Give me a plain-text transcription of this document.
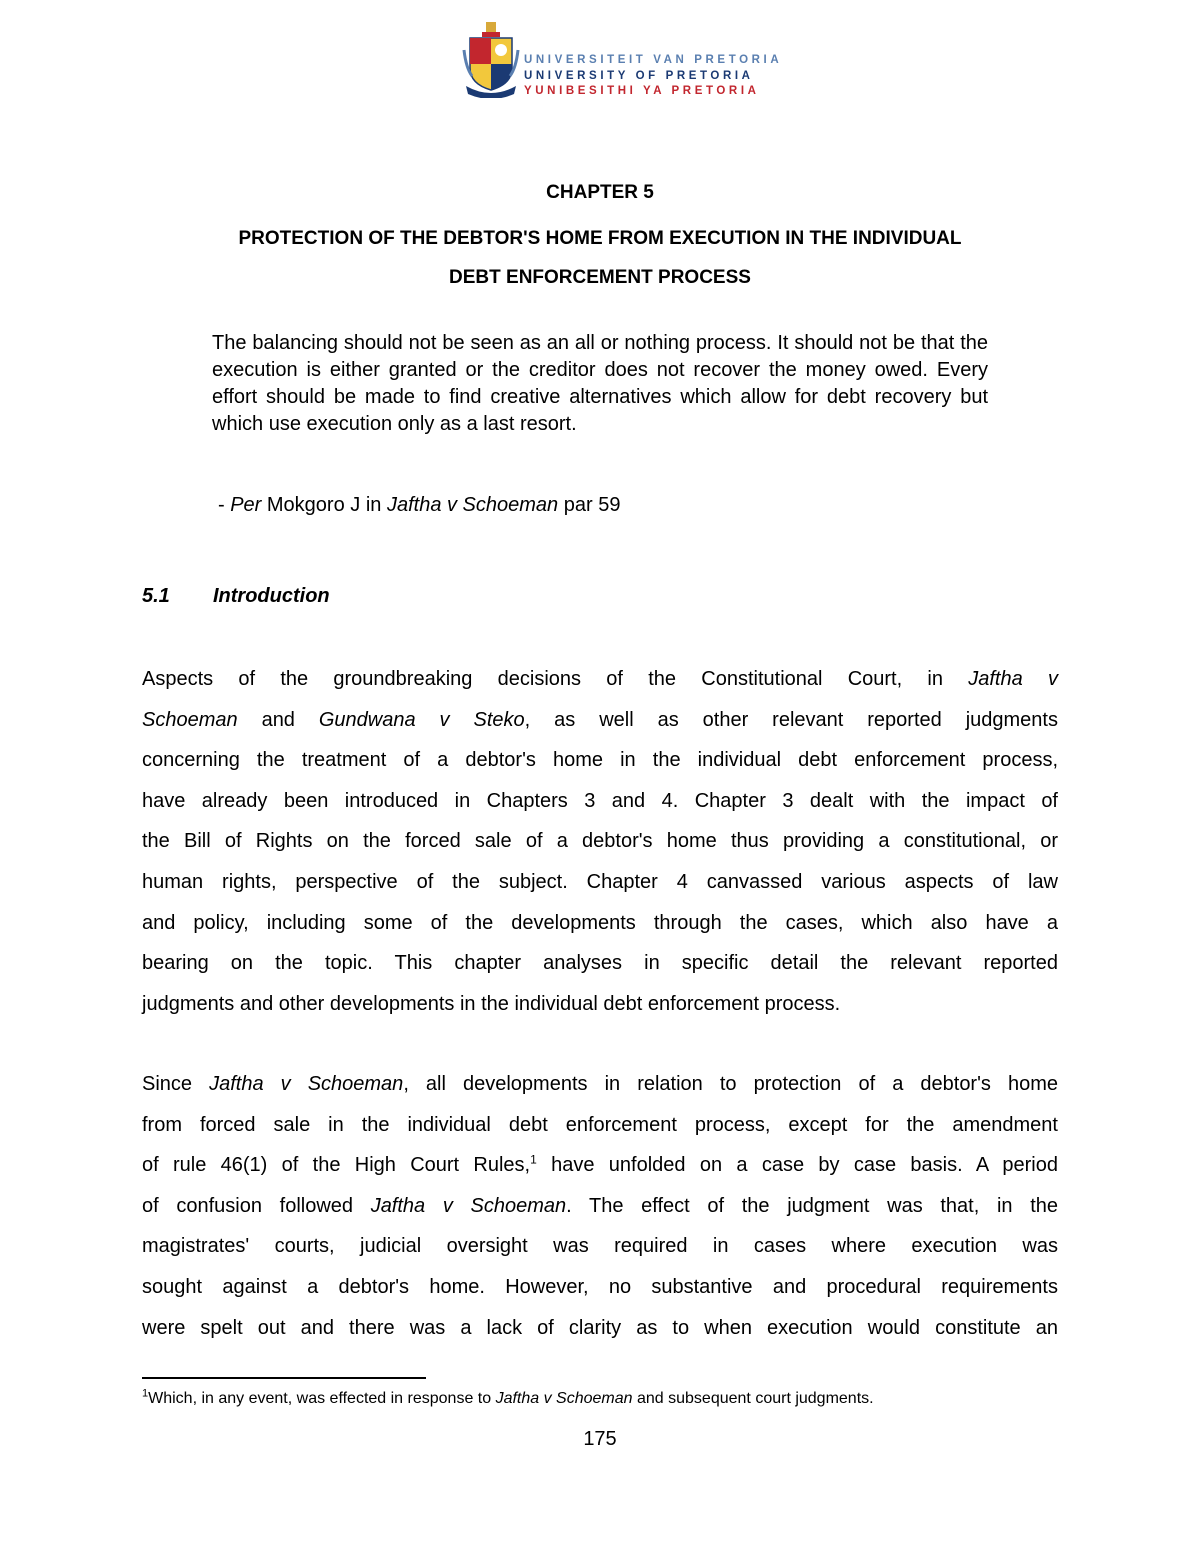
UNIVERSITEIT VAN PRETORIA
UNIVERSITY OF PRETORIA
YUNIBESITHI YA PRETORIA
CHAPTER 5
PROTECTION OF THE DEBTOR'S HOME FROM EXECUTION IN THE INDIVIDUAL
DEBT ENFORCEMENT PROCESS
The balancing should not be seen as an all or nothing process. It should not be that the execution is either granted or the creditor does not recover the money owed. Every effort should be made to find creative alternatives which allow for debt recovery but which use execution only as a last resort.
- Per Mokgoro J in Jaftha v Schoeman par 59
5.1 Introduction
Aspects of the groundbreaking decisions of the Constitutional Court, in Jaftha v
Schoeman and Gundwana v Steko, as well as other relevant reported judgments
concerning the treatment of a debtor's home in the individual debt enforcement process,
have already been introduced in Chapters 3 and 4. Chapter 3 dealt with the impact of
the Bill of Rights on the forced sale of a debtor's home thus providing a constitutional, or
human rights, perspective of the subject. Chapter 4 canvassed various aspects of law
and policy, including some of the developments through the cases, which also have a
bearing on the topic. This chapter analyses in specific detail the relevant reported
judgments and other developments in the individual debt enforcement process.
Since Jaftha v Schoeman, all developments in relation to protection of a debtor's home
from forced sale in the individual debt enforcement process, except for the amendment
of rule 46(1) of the High Court Rules,$^1$ have unfolded on a case by case basis. A period
of confusion followed Jaftha v Schoeman. The effect of the judgment was that, in the
magistrates' courts, judicial oversight was required in cases where execution was
sought against a debtor's home. However, no substantive and procedural requirements
were spelt out and there was a lack of clarity as to when execution would constitute an
$^1$Which, in any event, was effected in response to Jaftha v Schoeman and subsequent court judgments.
175
